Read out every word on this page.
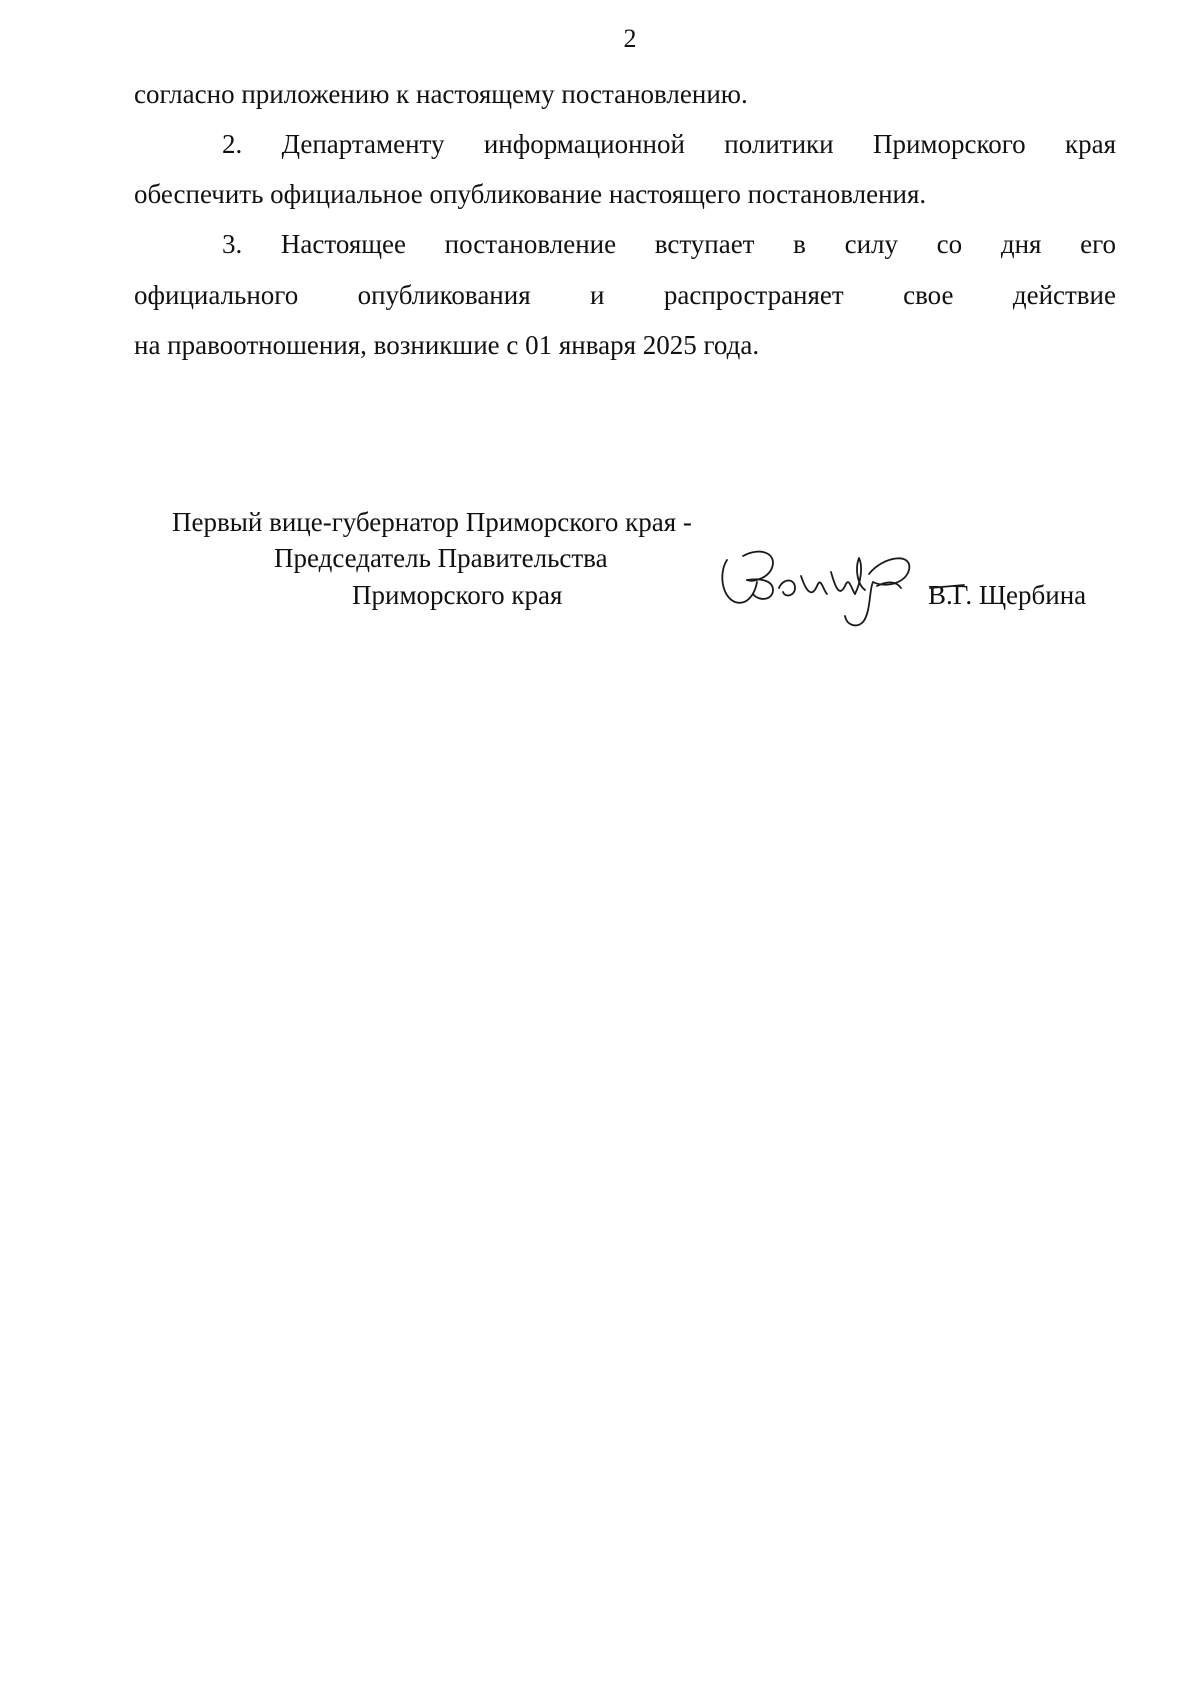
2
согласно приложению к настоящему постановлению.
2. Департаменту информационной политики Приморского края
обеспечить официальное опубликование настоящего постановления.
3. Настоящее постановление вступает в силу со дня его
официального опубликования и распространяет свое действие
на правоотношения, возникшие с 01 января 2025 года.
Первый вице-губернатор Приморского края -
Председатель Правительства
Приморского края	В.Г. Щербина
